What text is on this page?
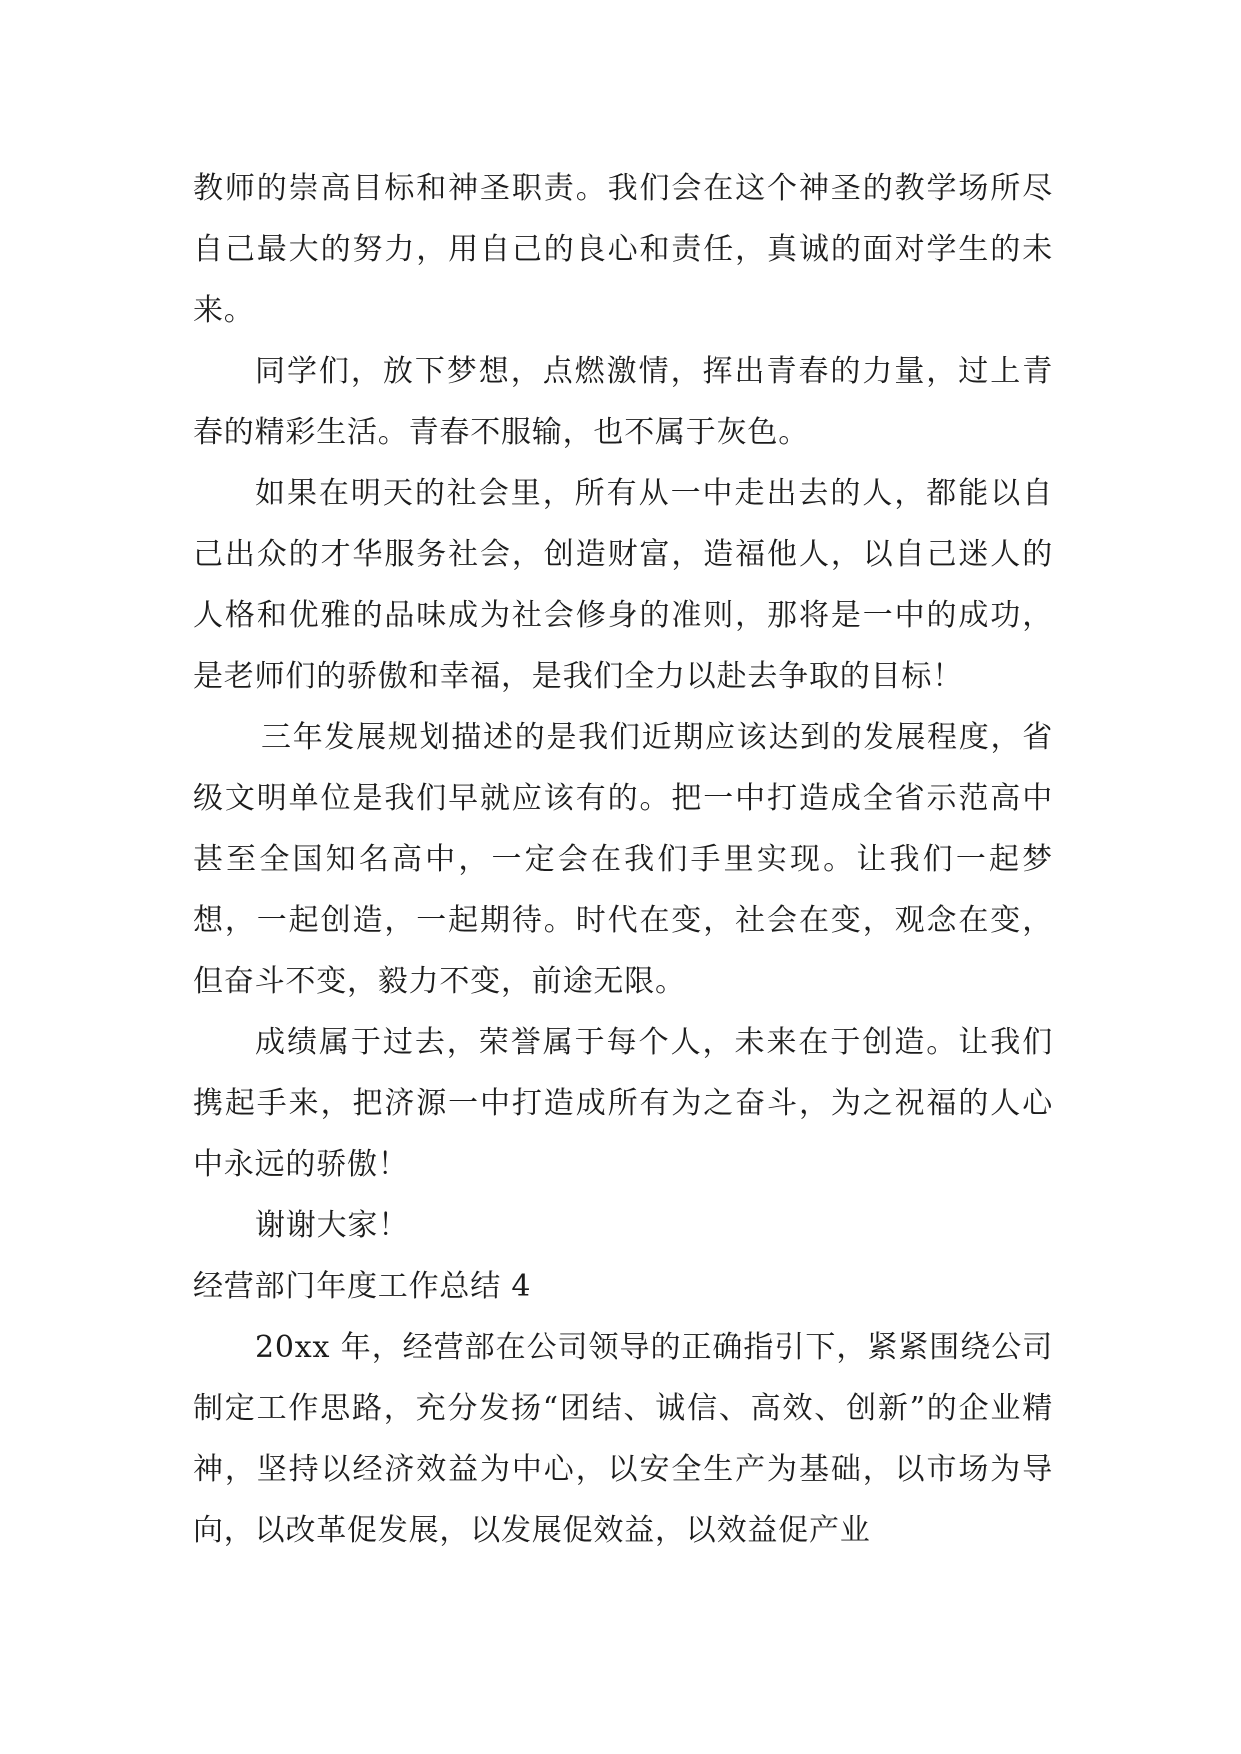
教师的崇高目标和神圣职责。我们会在这个神圣的教学场所尽自己最大的努力，用自己的良心和责任，真诚的面对学生的未来。

同学们，放下梦想，点燃激情，挥出青春的力量，过上青春的精彩生活。青春不服输，也不属于灰色。

如果在明天的社会里，所有从一中走出去的人，都能以自己出众的才华服务社会，创造财富，造福他人，以自己迷人的人格和优雅的品味成为社会修身的准则，那将是一中的成功，是老师们的骄傲和幸福，是我们全力以赴去争取的目标！

三年发展规划描述的是我们近期应该达到的发展程度，省级文明单位是我们早就应该有的。把一中打造成全省示范高中甚至全国知名高中，一定会在我们手里实现。让我们一起梦想，一起创造，一起期待。时代在变，社会在变，观念在变，但奋斗不变，毅力不变，前途无限。

成绩属于过去，荣誉属于每个人，未来在于创造。让我们携起手来，把济源一中打造成所有为之奋斗，为之祝福的人心中永远的骄傲！

谢谢大家！

经营部门年度工作总结 4

20xx 年，经营部在公司领导的正确指引下，紧紧围绕公司制定工作思路，充分发扬“团结、诚信、高效、创新”的企业精神，坚持以经济效益为中心，以安全生产为基础，以市场为导向，以改革促发展，以发展促效益，以效益促产业
